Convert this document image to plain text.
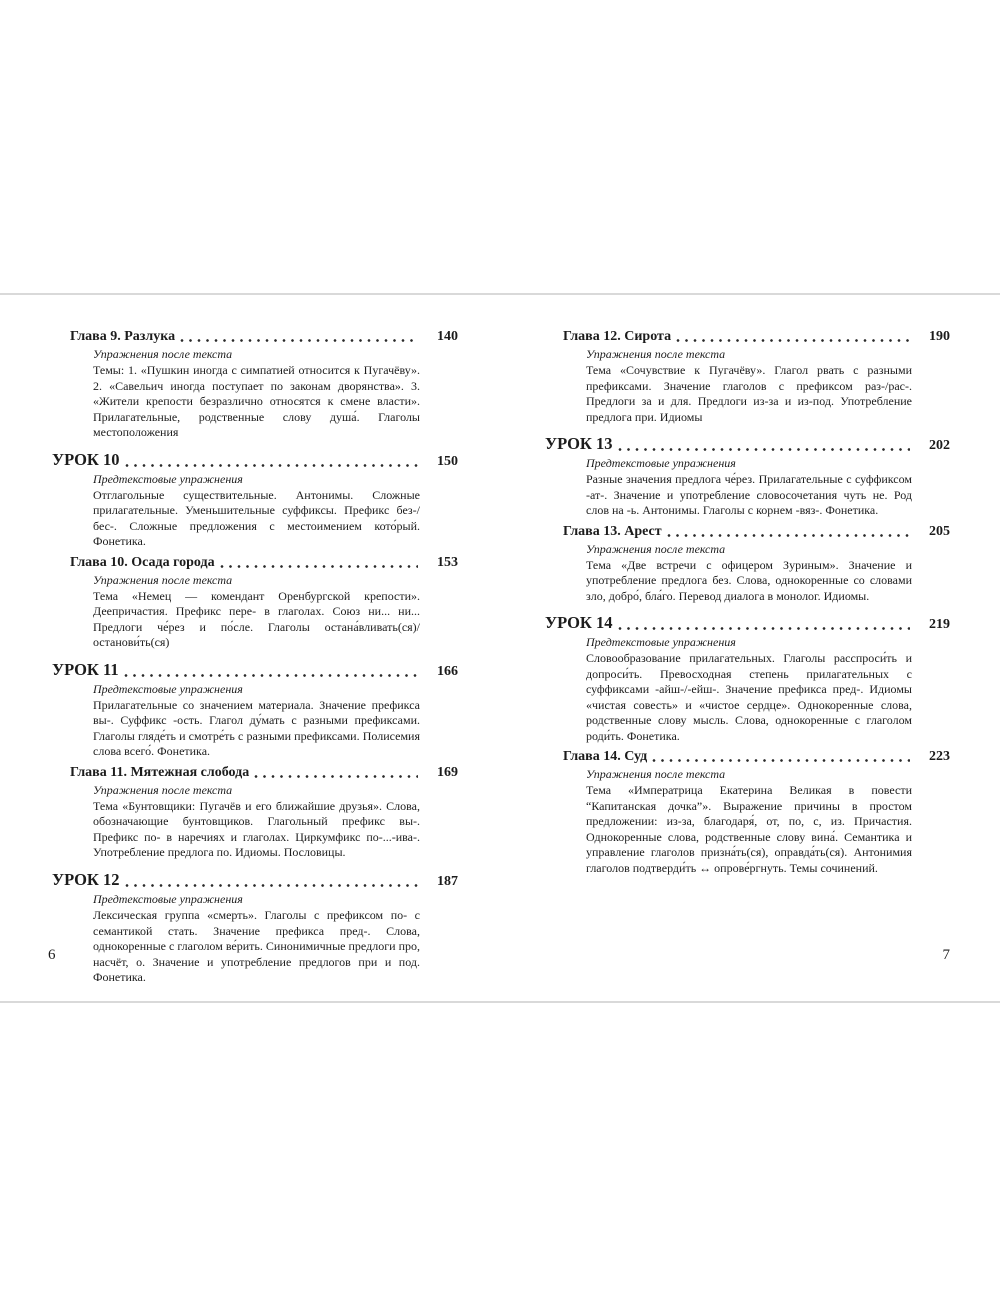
Глава 9. Разлука	140
Упражнения после текста
Темы: 1. «Пушкин иногда с симпатией относится к Пугачёву». 2. «Савельич иногда поступает по законам дворянства». 3. «Жители крепости безразлично относятся к смене власти». Прилагательные, родственные слову душа́. Глаголы местоположения
УРОК 10	150
Предтекстовые упражнения
Отглагольные существительные. Антонимы. Сложные прилагательные. Уменьшительные суффиксы. Префикс без-/бес-. Сложные предложения с местоимением кото́рый. Фонетика.
Глава 10. Осада города	153
Упражнения после текста
Тема «Немец — комендант Оренбургской крепости». Деепричастия. Префикс пере- в глаголах. Союз ни... ни... Предлоги че́рез и по́сле. Глаголы остана́вливать(ся)/останови́ть(ся)
УРОК 11	166
Предтекстовые упражнения
Прилагательные со значением материала. Значение префикса вы-. Суффикс -ость. Глагол ду́мать с разными префиксами. Глаголы гляде́ть и смотре́ть с разными префиксами. Полисемия слова всего́. Фонетика.
Глава 11. Мятежная слобода	169
Упражнения после текста
Тема «Бунтовщики: Пугачёв и его ближайшие друзья». Слова, обозначающие бунтовщиков. Глагольный префикс вы-. Префикс по- в наречиях и глаголах. Циркумфикс по-...-ива-. Употребление предлога по. Идиомы. Пословицы.
УРОК 12	187
Предтекстовые упражнения
Лексическая группа «смерть». Глаголы с префиксом по- с семантикой стать. Значение префикса пред-. Слова, однокоренные с глаголом ве́рить. Синонимичные предлоги про, насчёт, о. Значение и употребление предлогов при и под. Фонетика.
Глава 12. Сирота	190
Упражнения после текста
Тема «Сочувствие к Пугачёву». Глагол рвать с разными префиксами. Значение глаголов с префиксом раз-/рас-. Предлоги за и для. Предлоги из-за и из-под. Употребление предлога при. Идиомы
УРОК 13	202
Предтекстовые упражнения
Разные значения предлога че́рез. Прилагательные с суффиксом -ат-. Значение и употребление словосочетания чуть не. Род слов на -ь. Антонимы. Глаголы с корнем -вяз-. Фонетика.
Глава 13. Арест	205
Упражнения после текста
Тема «Две встречи с офицером Зуриным». Значение и употребление предлога без. Слова, однокоренные со словами зло, добро́, бла́го. Перевод диалога в монолог. Идиомы.
УРОК 14	219
Предтекстовые упражнения
Словообразование прилагательных. Глаголы расспроси́ть и допроси́ть. Превосходная степень прилагательных с суффиксами -айш-/-ейш-. Значение префикса пред-. Идиомы «чистая совесть» и «чистое сердце». Однокоренные слова, родственные слову мысль. Слова, однокоренные с глаголом роди́ть. Фонетика.
Глава 14. Суд	223
Упражнения после текста
Тема «Императрица Екатерина Великая в повести “Капитанская дочка”». Выражение причины в простом предложении: из-за, благодаря́, от, по, с, из. Причастия. Однокоренные слова, родственные слову вина́. Семантика и управление глаголов призна́ть(ся), оправда́ть(ся). Антонимия глаголов подтверди́ть ↔ опрове́ргнуть. Темы сочинений.
6	7
